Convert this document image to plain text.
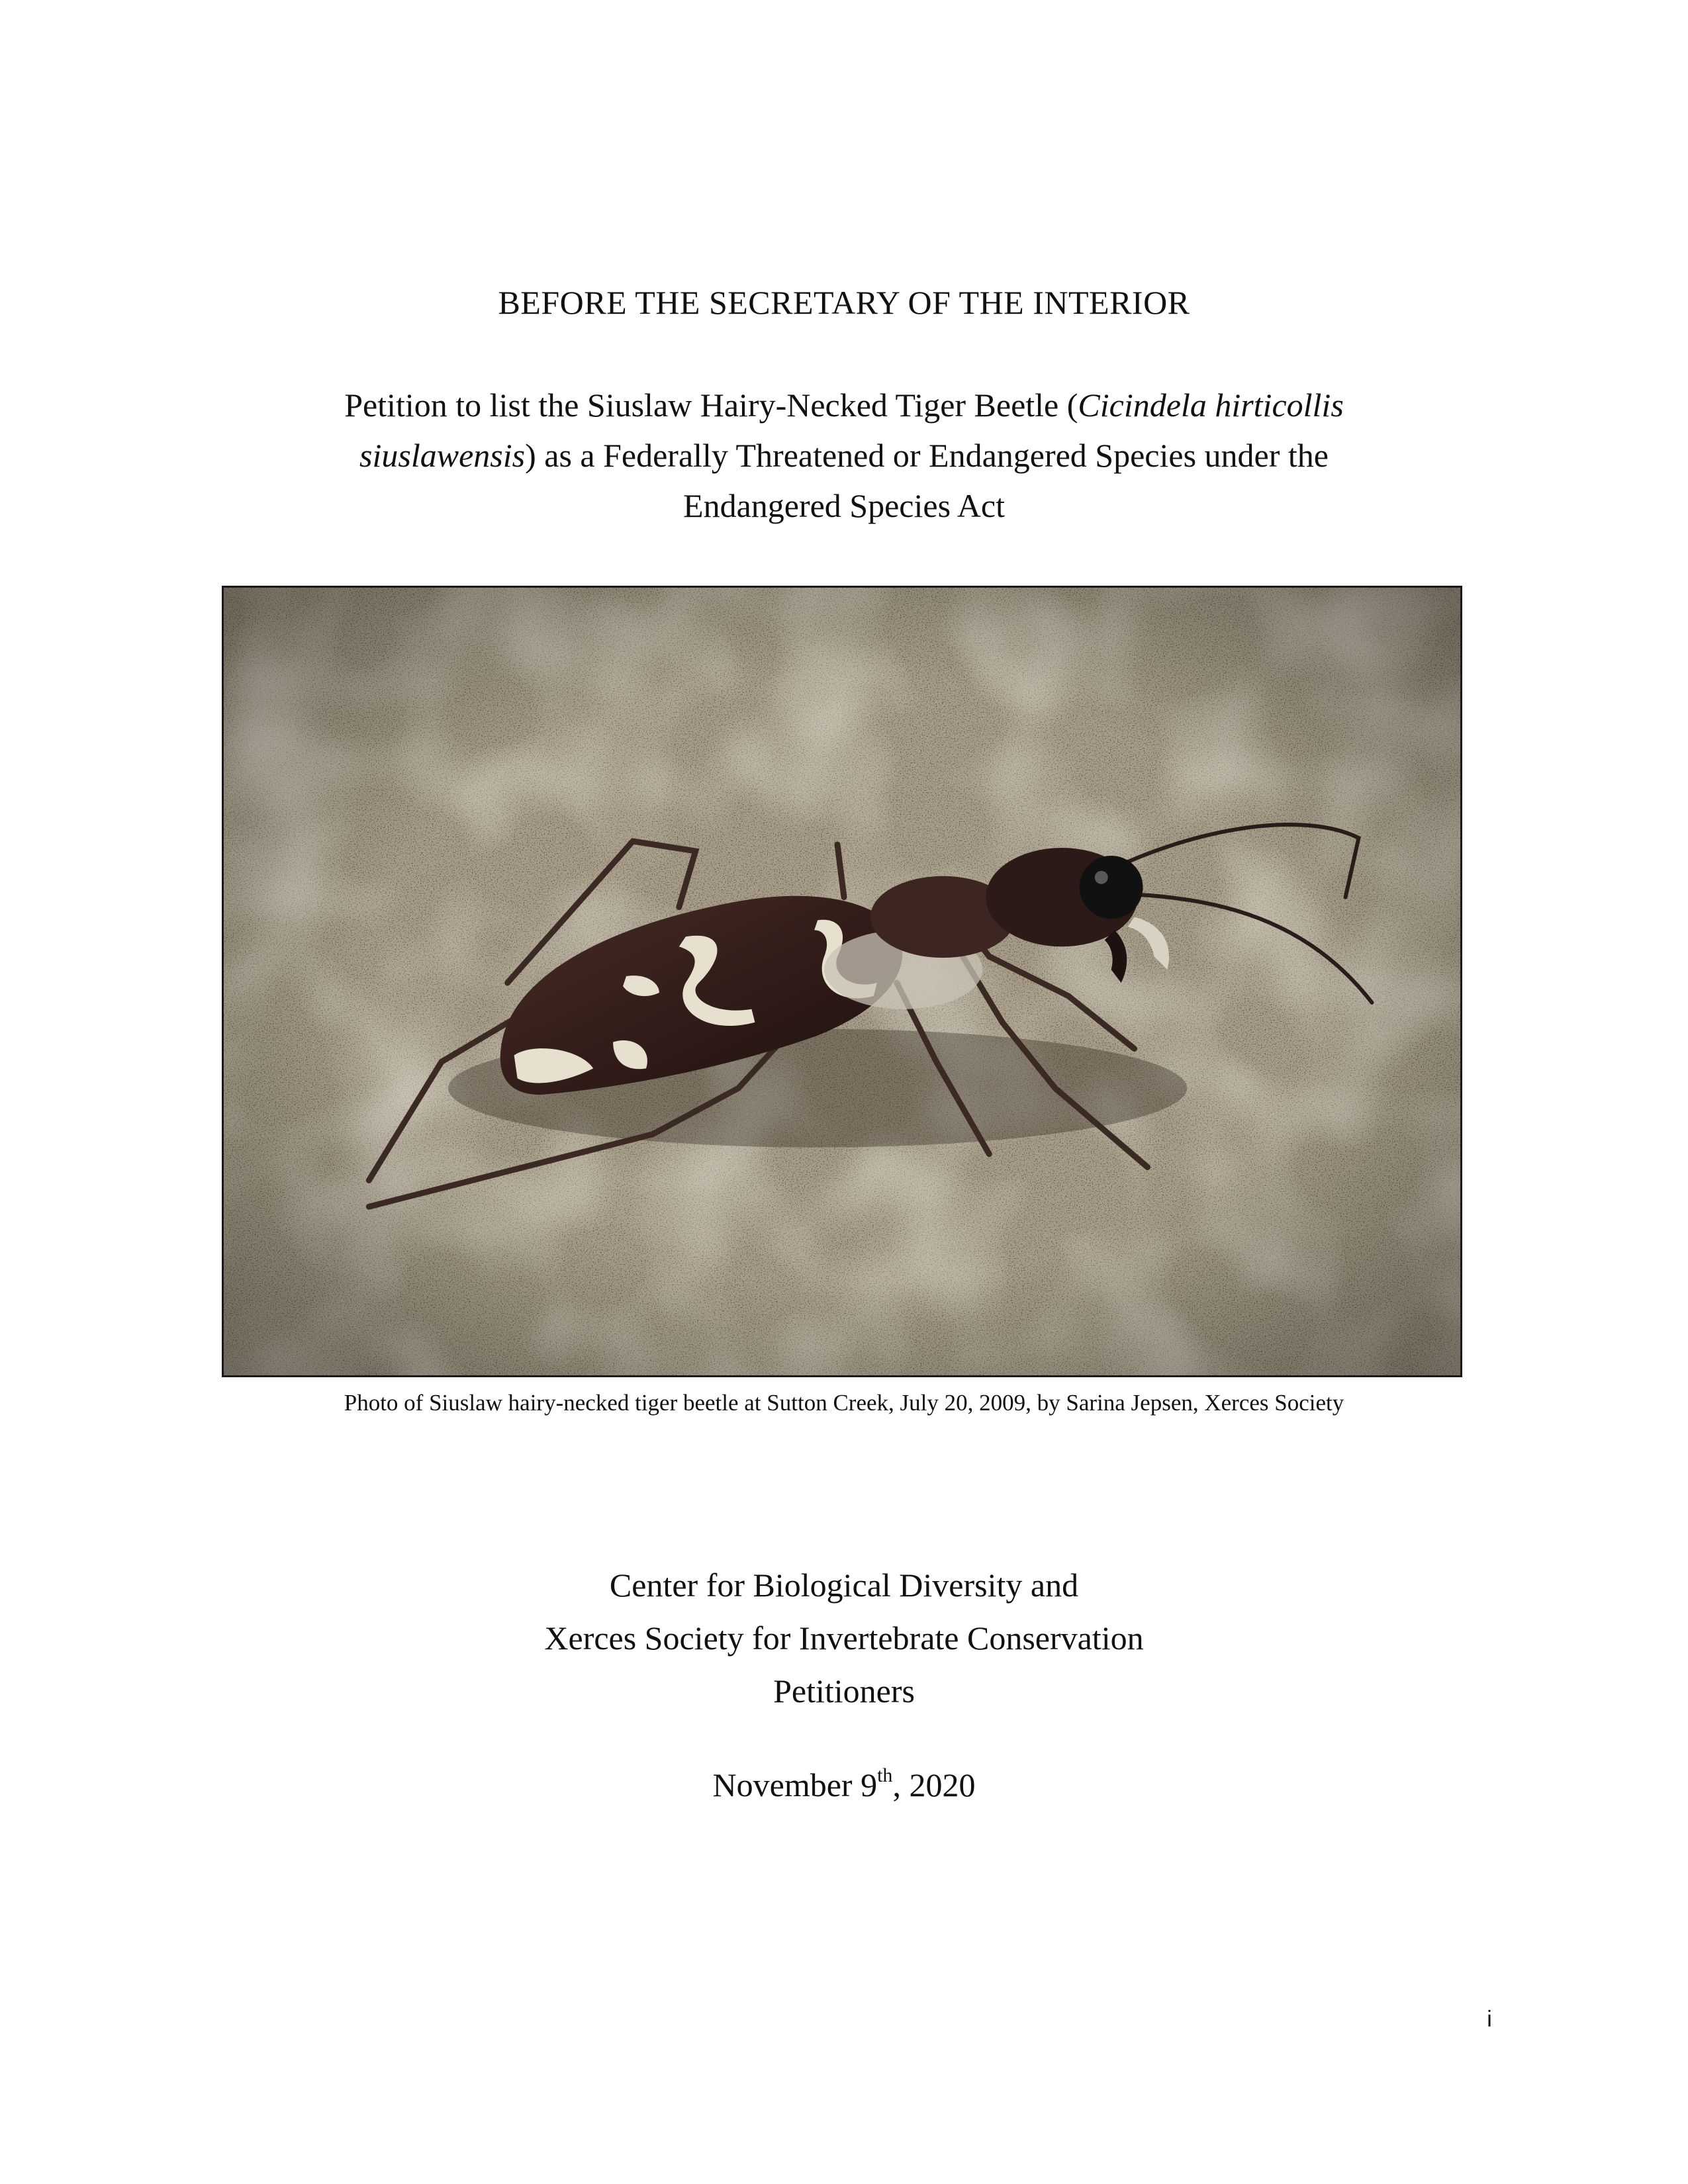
BEFORE THE SECRETARY OF THE INTERIOR
Petition to list the Siuslaw Hairy-Necked Tiger Beetle (Cicindela hirticollis
siuslawensis) as a Federally Threatened or Endangered Species under the
Endangered Species Act
Photo of Siuslaw hairy-necked tiger beetle at Sutton Creek, July 20, 2009, by Sarina Jepsen, Xerces Society
Center for Biological Diversity and
Xerces Society for Invertebrate Conservation
Petitioners
November 9th, 2020
i
